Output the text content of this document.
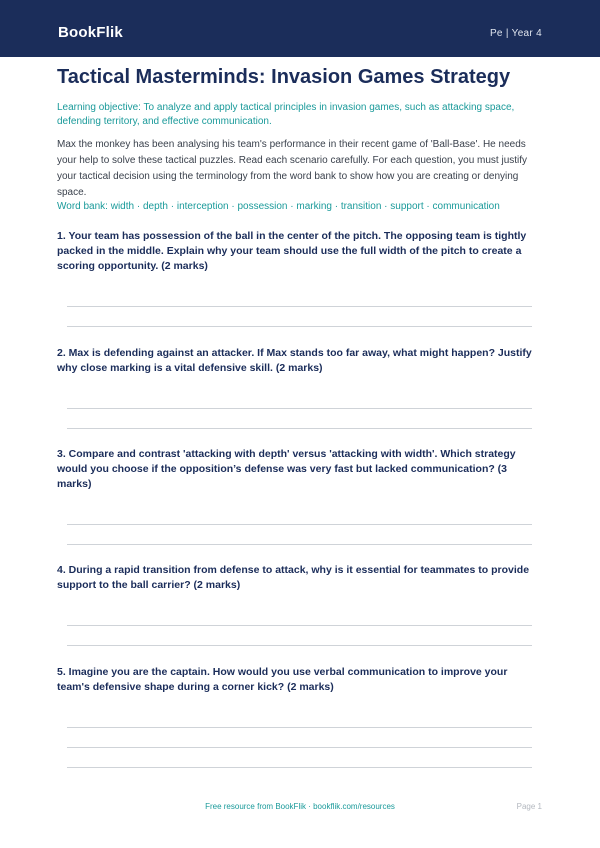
BookFlik	Pe | Year 4
Tactical Masterminds: Invasion Games Strategy

Learning objective: To analyze and apply tactical principles in invasion games, such as attacking space, defending territory, and effective communication.

Max the monkey has been analysing his team's performance in their recent game of 'Ball-Base'. He needs your help to solve these tactical puzzles. Read each scenario carefully. For each question, you must justify your tactical decision using the terminology from the word bank to show how you are creating or denying space.

Word bank: width · depth · interception · possession · marking · transition · support · communication

1. Your team has possession of the ball in the center of the pitch. The opposing team is tightly packed in the middle. Explain why your team should use the full width of the pitch to create a scoring opportunity. (2 marks)

2. Max is defending against an attacker. If Max stands too far away, what might happen? Justify why close marking is a vital defensive skill. (2 marks)

3. Compare and contrast 'attacking with depth' versus 'attacking with width'. Which strategy would you choose if the opposition’s defense was very fast but lacked communication? (3 marks)

4. During a rapid transition from defense to attack, why is it essential for teammates to provide support to the ball carrier? (2 marks)

5. Imagine you are the captain. How would you use verbal communication to improve your team's defensive shape during a corner kick? (2 marks)

Free resource from BookFlik · bookflik.com/resources	Page 1
